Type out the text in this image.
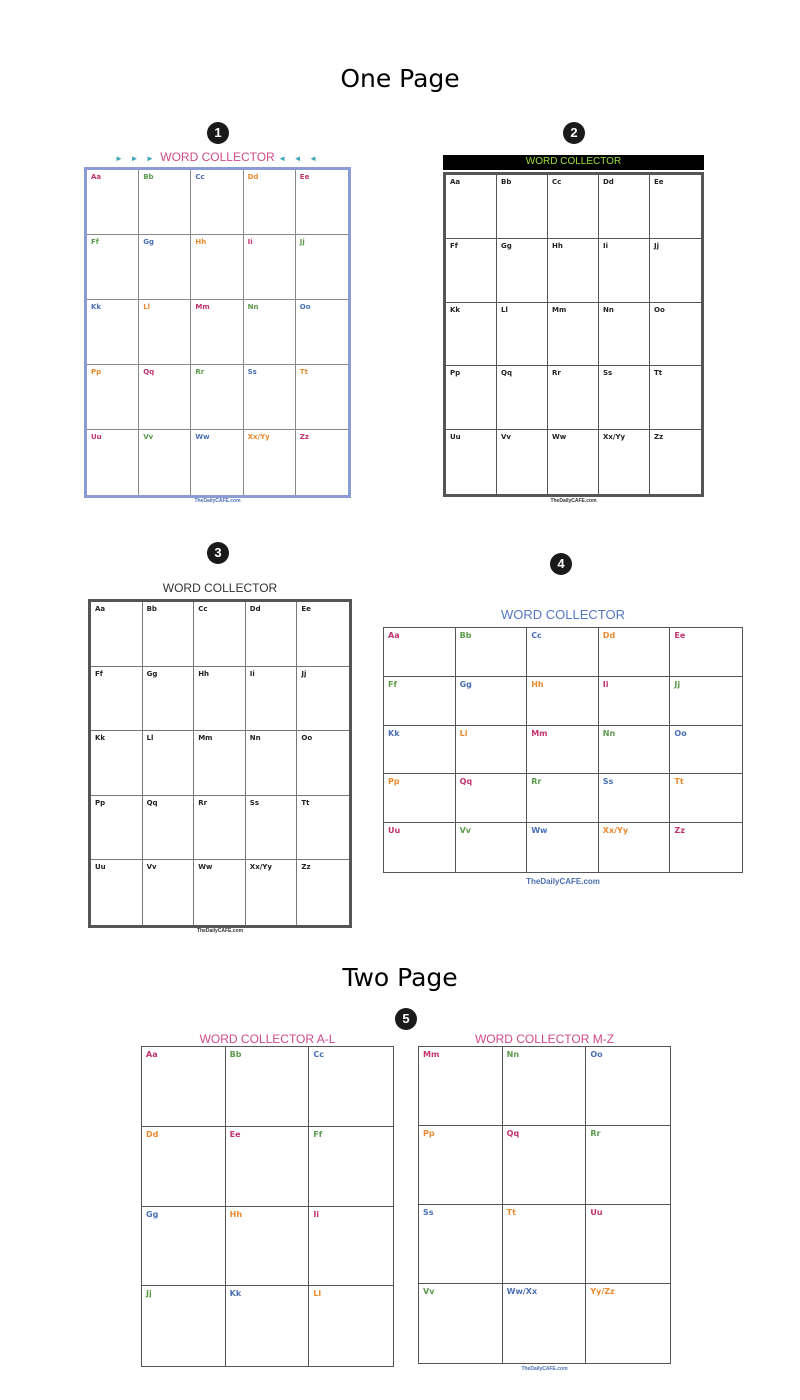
One Page
Two Page
1	2
3
4
5
► ► ► WORD COLLECTOR ◄ ◄ ◄
Aa	Bb	Cc	Dd	Ee
Ff	Gg	Hh	Ii	Jj
Kk	Ll	Mm	Nn	Oo
Pp	Qq	Rr	Ss	Tt
Uu	Vv	Ww	Xx/Yy	Zz
TheDailyCAFE.com
WORD COLLECTOR
Aa	Bb	Cc	Dd	Ee
Ff	Gg	Hh	Ii	Jj
Kk	Ll	Mm	Nn	Oo
Pp	Qq	Rr	Ss	Tt
Uu	Vv	Ww	Xx/Yy	Zz
TheDailyCAFE.com
WORD COLLECTOR
Aa	Bb	Cc	Dd	Ee
Ff	Gg	Hh	Ii	Jj
Kk	Ll	Mm	Nn	Oo
Pp	Qq	Rr	Ss	Tt
Uu	Vv	Ww	Xx/Yy	Zz
TheDailyCAFE.com
WORD COLLECTOR
Aa	Bb	Cc	Dd	Ee
Ff	Gg	Hh	Ii	Jj
Kk	Ll	Mm	Nn	Oo
Pp	Qq	Rr	Ss	Tt
Uu	Vv	Ww	Xx/Yy	Zz
TheDailyCAFE.com
WORD COLLECTOR A-L
Aa	Bb	Cc
Dd	Ee	Ff
Gg	Hh	Ii
Jj	Kk	Ll
WORD COLLECTOR M-Z
Mm	Nn	Oo
Pp	Qq	Rr
Ss	Tt	Uu
Vv	Ww/Xx	Yy/Zz
TheDailyCAFE.com
